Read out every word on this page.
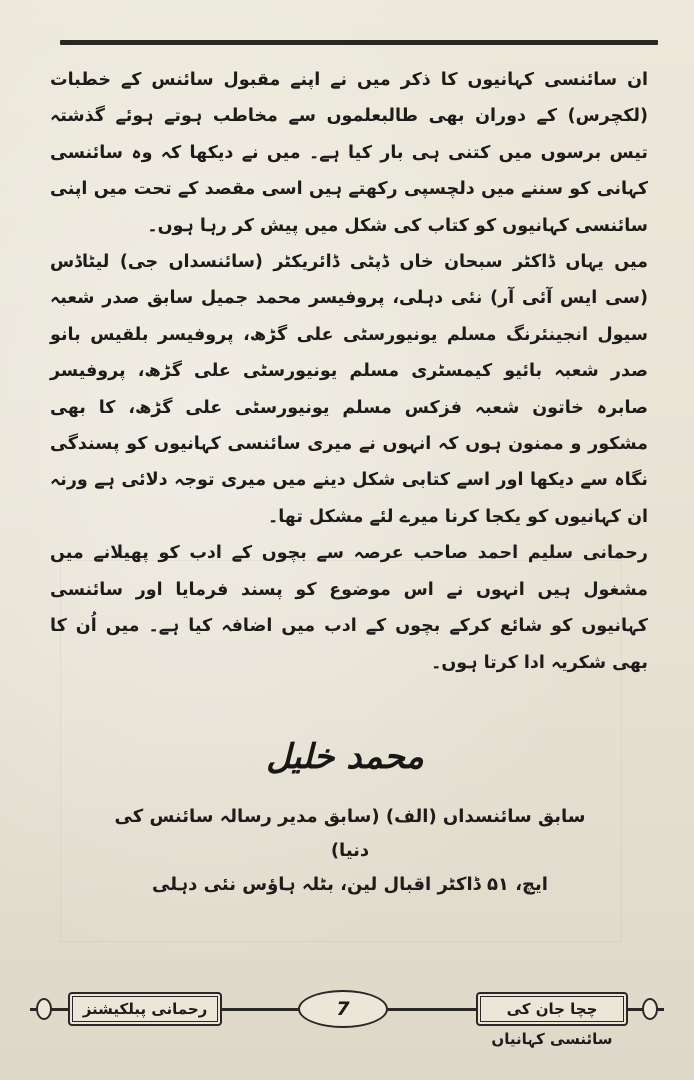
ان سائنسی کہانیوں کا ذکر میں نے اپنے مقبول سائنس کے خطبات (لکچرس) کے دوران بھی طالبعلموں سے مخاطب ہوتے ہوئے گذشتہ تیس برسوں میں کتنی ہی بار کیا ہے۔ میں نے دیکھا کہ وہ سائنسی کہانی کو سننے میں دلچسپی رکھتے ہیں اسی مقصد کے تحت میں اپنی سائنسی کہانیوں کو کتاب کی شکل میں پیش کر رہا ہوں۔

میں یہاں ڈاکٹر سبحان خاں ڈپٹی ڈائریکٹر (سائنسداں جی) لیٹاڈس (سی ایس آئی آر) نئی دہلی، پروفیسر محمد جمیل سابق صدر شعبہ سیول انجینئرنگ مسلم یونیورسٹی علی گڑھ، پروفیسر بلقیس بانو صدر شعبہ بائیو کیمسٹری مسلم یونیورسٹی علی گڑھ، پروفیسر صابرہ خاتون شعبہ فزکس مسلم یونیورسٹی علی گڑھ، کا بھی مشکور و ممنون ہوں کہ انہوں نے میری سائنسی کہانیوں کو پسندگی نگاہ سے دیکھا اور اسے کتابی شکل دینے میں میری توجہ دلائی ہے ورنہ ان کہانیوں کو یکجا کرنا میرے لئے مشکل تھا۔

رحمانی سلیم احمد صاحب عرصہ سے بچوں کے ادب کو پھیلانے میں مشغول ہیں انہوں نے اس موضوع کو پسند فرمایا اور سائنسی کہانیوں کو شائع کرکے بچوں کے ادب میں اضافہ کیا ہے۔ میں اُن کا بھی شکریہ ادا کرتا ہوں۔

محمد خلیل
سابق سائنسداں (الف) (سابق مدیر رسالہ سائنس کی دنیا)
ایچ، ۵۱ ڈاکٹر اقبال لین، بٹلہ ہاؤس نئی دہلی
رحمانی پبلکیشنز	7	چچا جان کی سائنسی کہانیاں
